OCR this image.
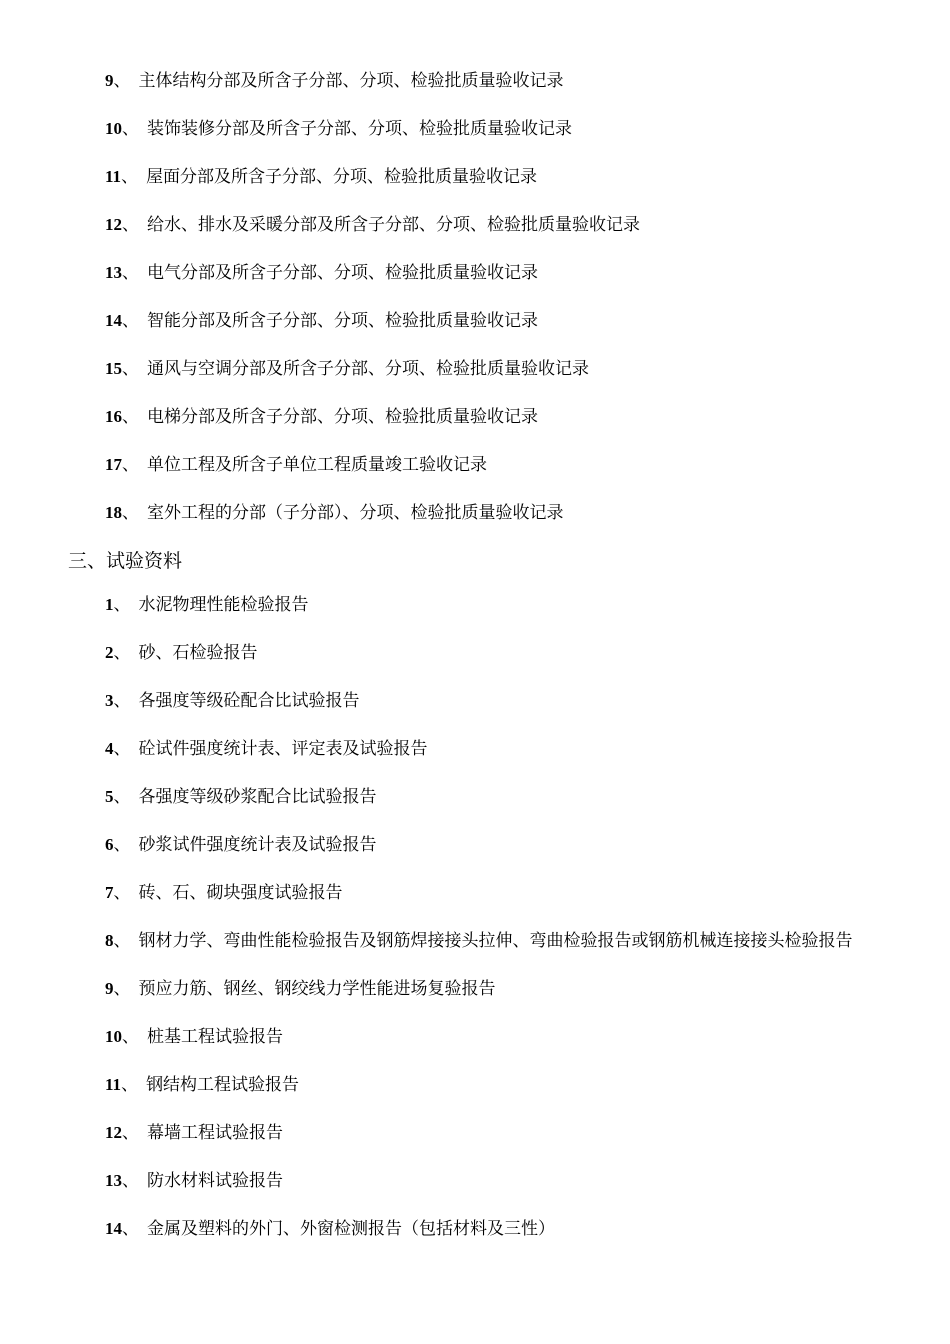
9、 主体结构分部及所含子分部、分项、检验批质量验收记录
10、 装饰装修分部及所含子分部、分项、检验批质量验收记录
11、 屋面分部及所含子分部、分项、检验批质量验收记录
12、 给水、排水及采暖分部及所含子分部、分项、检验批质量验收记录
13、 电气分部及所含子分部、分项、检验批质量验收记录
14、 智能分部及所含子分部、分项、检验批质量验收记录
15、 通风与空调分部及所含子分部、分项、检验批质量验收记录
16、 电梯分部及所含子分部、分项、检验批质量验收记录
17、 单位工程及所含子单位工程质量竣工验收记录
18、 室外工程的分部（子分部）、分项、检验批质量验收记录
三、试验资料
1、 水泥物理性能检验报告
2、 砂、石检验报告
3、 各强度等级砼配合比试验报告
4、 砼试件强度统计表、评定表及试验报告
5、 各强度等级砂浆配合比试验报告
6、 砂浆试件强度统计表及试验报告
7、 砖、石、砌块强度试验报告
8、 钢材力学、弯曲性能检验报告及钢筋焊接接头拉伸、弯曲检验报告或钢筋机械连接接头检验报告
9、 预应力筋、钢丝、钢绞线力学性能进场复验报告
10、 桩基工程试验报告
11、 钢结构工程试验报告
12、 幕墙工程试验报告
13、 防水材料试验报告
14、 金属及塑料的外门、外窗检测报告（包括材料及三性）
